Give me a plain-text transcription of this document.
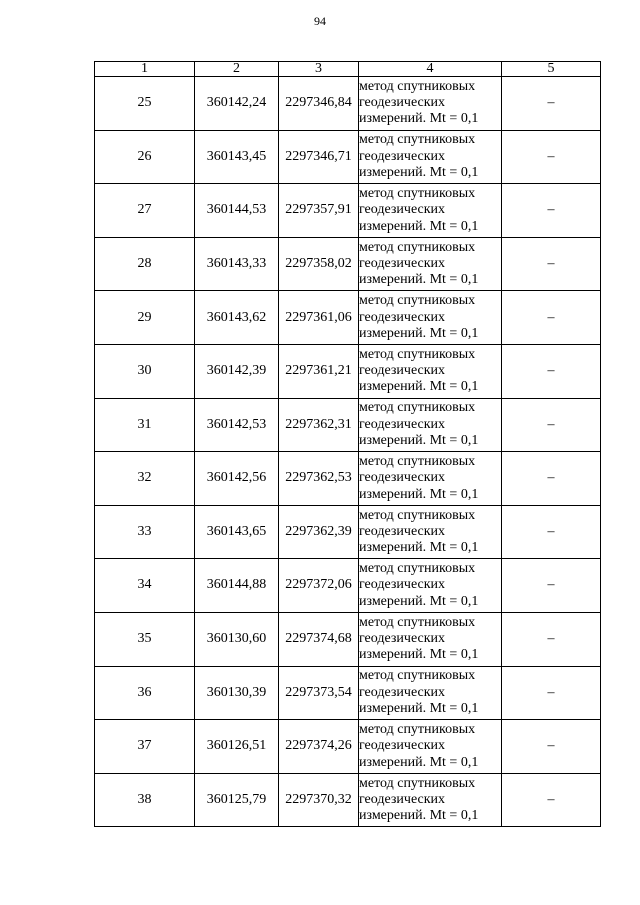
94
1	2	3	4	5
25	360142,24	2297346,84	метод спутниковых
геодезических
измерений. Mt = 0,1	–
26	360143,45	2297346,71	метод спутниковых
геодезических
измерений. Mt = 0,1	–
27	360144,53	2297357,91	метод спутниковых
геодезических
измерений. Mt = 0,1	–
28	360143,33	2297358,02	метод спутниковых
геодезических
измерений. Mt = 0,1	–
29	360143,62	2297361,06	метод спутниковых
геодезических
измерений. Mt = 0,1	–
30	360142,39	2297361,21	метод спутниковых
геодезических
измерений. Mt = 0,1	–
31	360142,53	2297362,31	метод спутниковых
геодезических
измерений. Mt = 0,1	–
32	360142,56	2297362,53	метод спутниковых
геодезических
измерений. Mt = 0,1	–
33	360143,65	2297362,39	метод спутниковых
геодезических
измерений. Mt = 0,1	–
34	360144,88	2297372,06	метод спутниковых
геодезических
измерений. Mt = 0,1	–
35	360130,60	2297374,68	метод спутниковых
геодезических
измерений. Mt = 0,1	–
36	360130,39	2297373,54	метод спутниковых
геодезических
измерений. Mt = 0,1	–
37	360126,51	2297374,26	метод спутниковых
геодезических
измерений. Mt = 0,1	–
38	360125,79	2297370,32	метод спутниковых
геодезических
измерений. Mt = 0,1	–
